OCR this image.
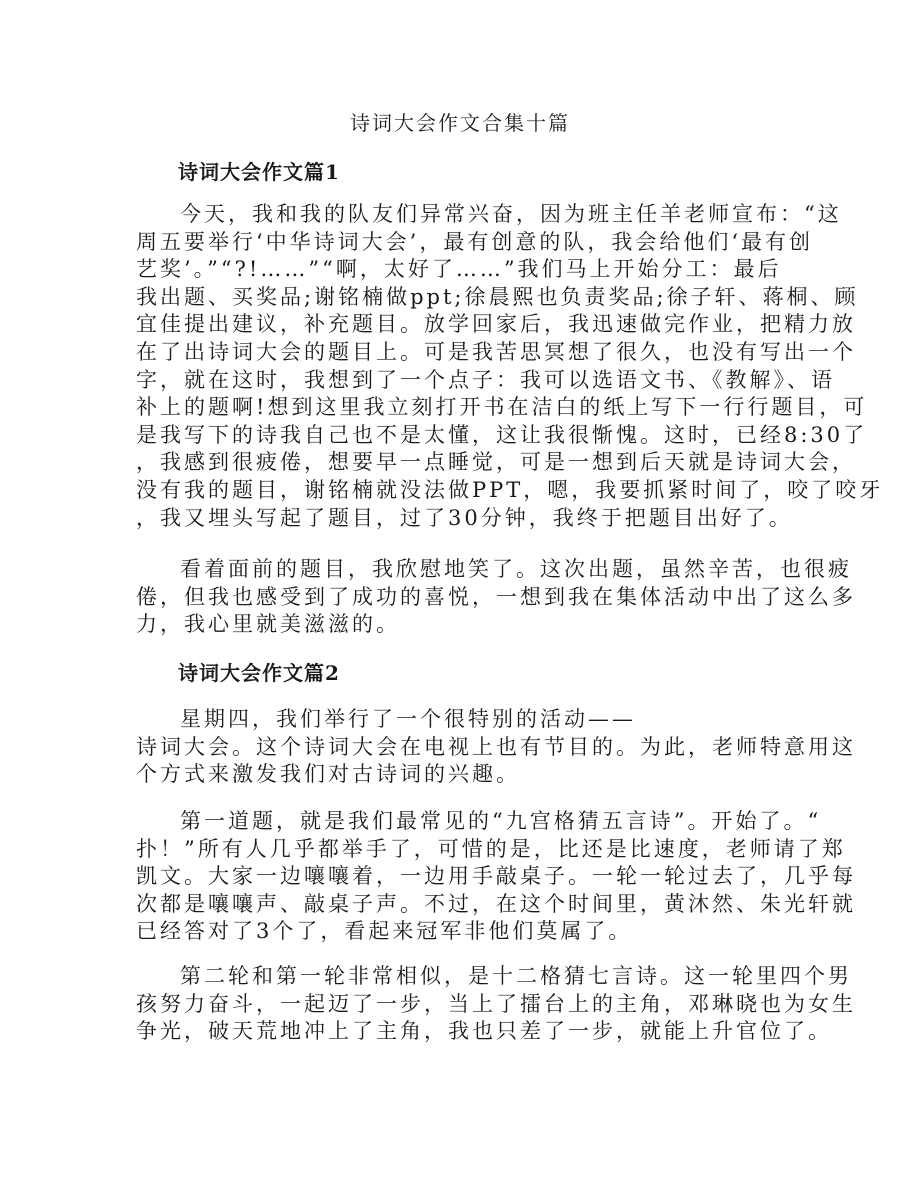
诗词大会作文合集十篇
诗词大会作文篇1
今天，我和我的队友们异常兴奋，因为班主任羊老师宣布：“这
周五要举行‘中华诗词大会’，最有创意的队，我会给他们‘最有创
艺奖’。”“?!……”“啊，太好了……”我们马上开始分工：最后
我出题、买奖品;谢铭楠做ppt;徐晨熙也负责奖品;徐子轩、蒋桐、顾
宜佳提出建议，补充题目。放学回家后，我迅速做完作业，把精力放
在了出诗词大会的题目上。可是我苦思冥想了很久，也没有写出一个
字，就在这时，我想到了一个点子：我可以选语文书、《教解》、语
补上的题啊!想到这里我立刻打开书在洁白的纸上写下一行行题目，可
是我写下的诗我自己也不是太懂，这让我很惭愧。这时，已经8:30了
，我感到很疲倦，想要早一点睡觉，可是一想到后天就是诗词大会，
没有我的题目，谢铭楠就没法做PPT，嗯，我要抓紧时间了，咬了咬牙
，我又埋头写起了题目，过了30分钟，我终于把题目出好了。
看着面前的题目，我欣慰地笑了。这次出题，虽然辛苦，也很疲
倦，但我也感受到了成功的喜悦，一想到我在集体活动中出了这么多
力，我心里就美滋滋的。
诗词大会作文篇2
星期四，我们举行了一个很特别的活动——
诗词大会。这个诗词大会在电视上也有节目的。为此，老师特意用这
个方式来激发我们对古诗词的兴趣。
第一道题，就是我们最常见的“九宫格猜五言诗”。开始了。“
扑！”所有人几乎都举手了，可惜的是，比还是比速度，老师请了郑
凯文。大家一边嚷嚷着，一边用手敲桌子。一轮一轮过去了，几乎每
次都是嚷嚷声、敲桌子声。不过，在这个时间里，黄沐然、朱光轩就
已经答对了3个了，看起来冠军非他们莫属了。
第二轮和第一轮非常相似，是十二格猜七言诗。这一轮里四个男
孩努力奋斗，一起迈了一步，当上了擂台上的主角，邓琳晓也为女生
争光，破天荒地冲上了主角，我也只差了一步，就能上升官位了。
